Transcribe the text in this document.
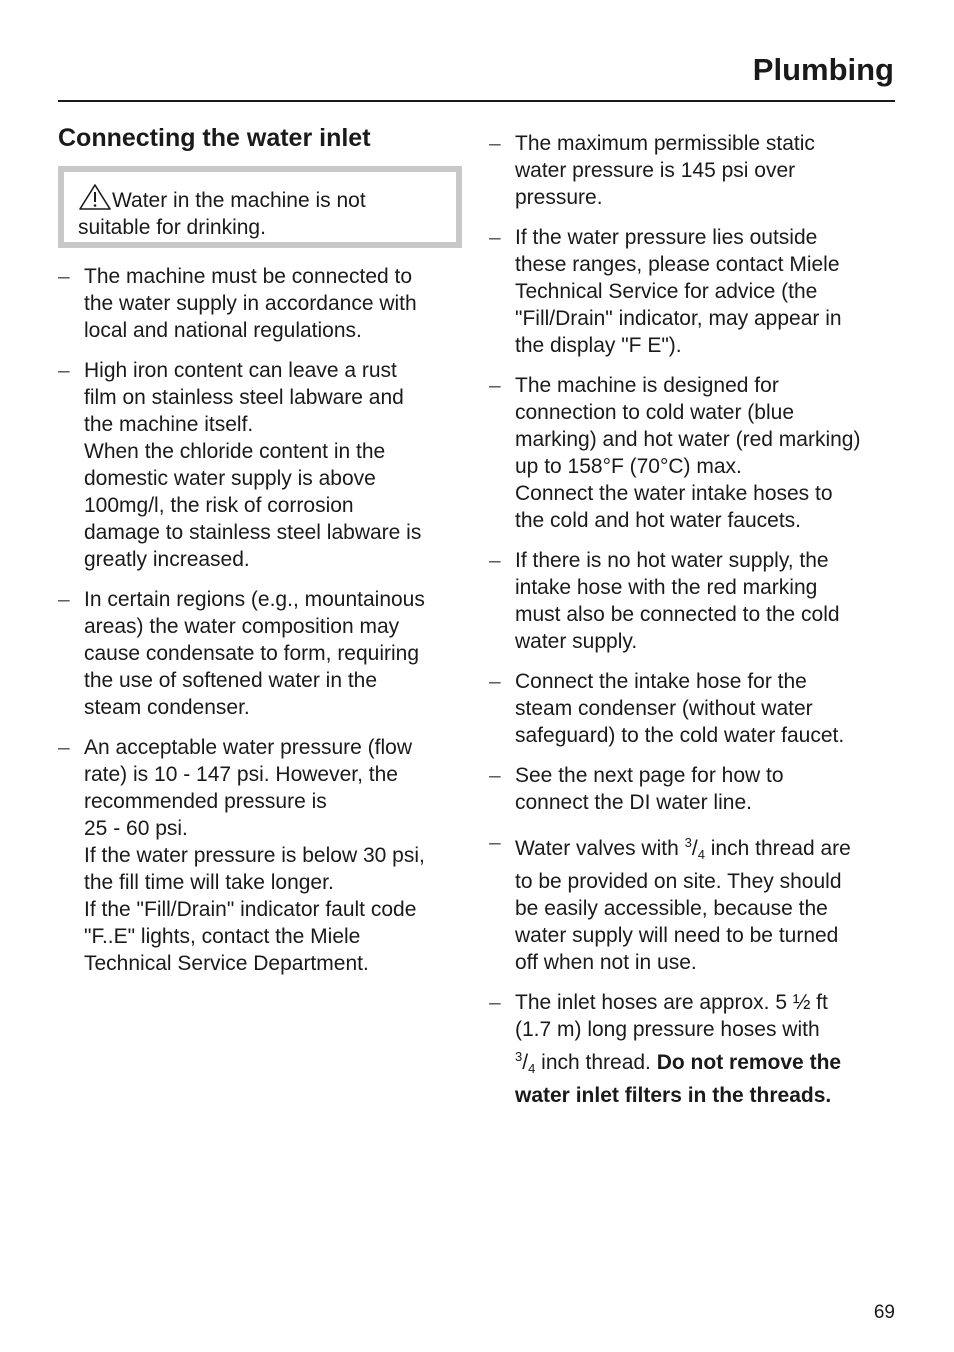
Plumbing
Connecting the water inlet
Water in the machine is not
suitable for drinking.
– The machine must be connected to
the water supply in accordance with
local and national regulations.
– High iron content can leave a rust
film on stainless steel labware and
the machine itself.
When the chloride content in the
domestic water supply is above
100mg/l, the risk of corrosion
damage to stainless steel labware is
greatly increased.
– In certain regions (e.g., mountainous
areas) the water composition may
cause condensate to form, requiring
the use of softened water in the
steam condenser.
– An acceptable water pressure (flow
rate) is 10 - 147 psi. However, the
recommended pressure is
25 - 60 psi.
If the water pressure is below 30 psi,
the fill time will take longer.
If the "Fill/Drain" indicator fault code
"F..E" lights, contact the Miele
Technical Service Department.
– The maximum permissible static
water pressure is 145 psi over
pressure.
– If the water pressure lies outside
these ranges, please contact Miele
Technical Service for advice (the
"Fill/Drain" indicator, may appear in
the display "F E").
– The machine is designed for
connection to cold water (blue
marking) and hot water (red marking)
up to 158°F (70°C) max.
Connect the water intake hoses to
the cold and hot water faucets.
– If there is no hot water supply, the
intake hose with the red marking
must also be connected to the cold
water supply.
– Connect the intake hose for the
steam condenser (without water
safeguard) to the cold water faucet.
– See the next page for how to
connect the DI water line.
– Water valves with $^3/_4$ inch thread are
to be provided on site. They should
be easily accessible, because the
water supply will need to be turned
off when not in use.
– The inlet hoses are approx. 5 ½ ft
(1.7 m) long pressure hoses with
$^3/_4$ inch thread. Do not remove the
water inlet filters in the threads.
69
